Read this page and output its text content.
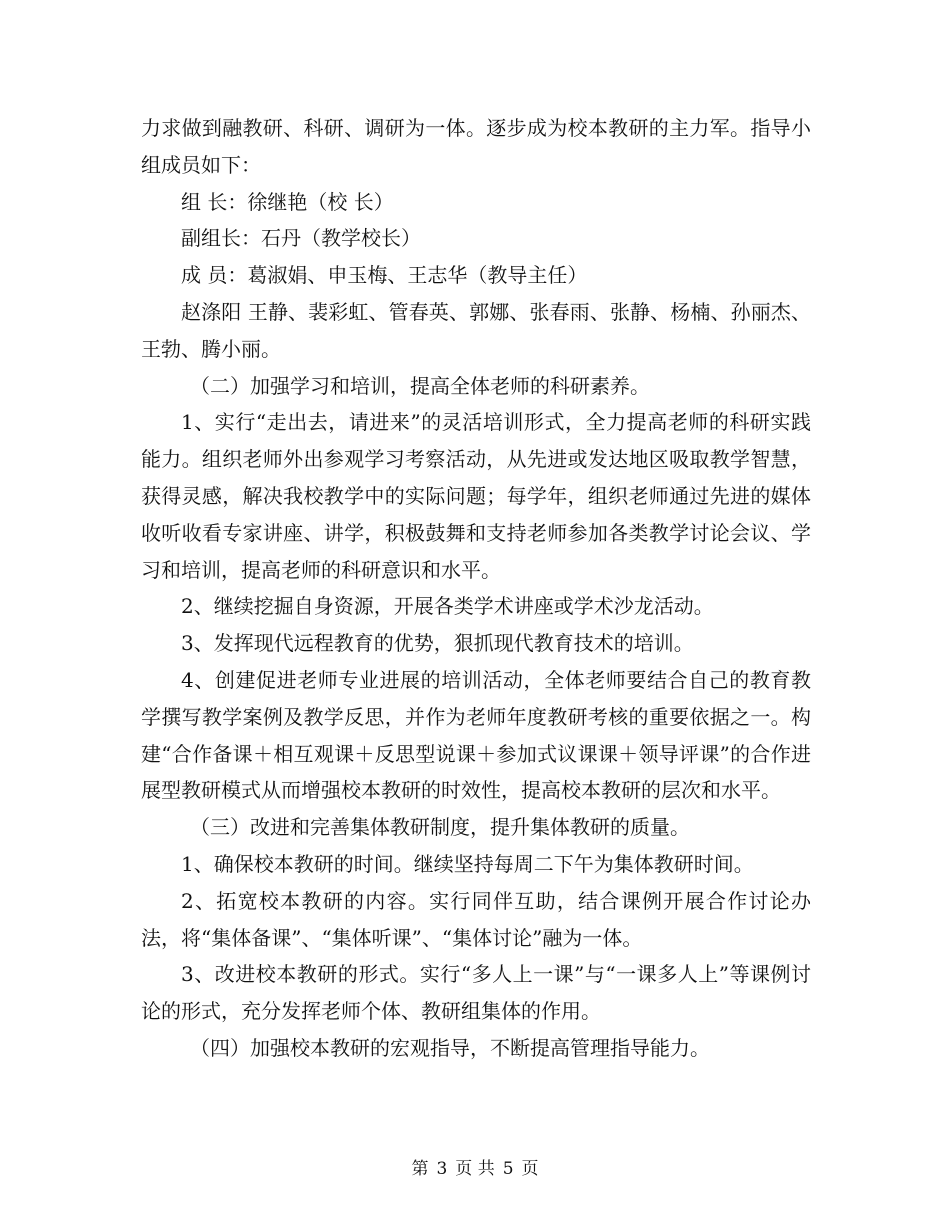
力求做到融教研、科研、调研为一体。逐步成为校本教研的主力军。指导小组成员如下：

组 长：徐继艳（校 长）

副组长：石丹（教学校长）

成 员：葛淑娟、申玉梅、王志华（教导主任）

赵涤阳 王静、裴彩虹、管春英、郭娜、张春雨、张静、杨楠、孙丽杰、王勃、腾小丽。

（二）加强学习和培训，提高全体老师的科研素养。

1、实行“走出去，请进来”的灵活培训形式，全力提高老师的科研实践能力。组织老师外出参观学习考察活动，从先进或发达地区吸取教学智慧，获得灵感，解决我校教学中的实际问题；每学年，组织老师通过先进的媒体收听收看专家讲座、讲学，积极鼓舞和支持老师参加各类教学讨论会议、学习和培训，提高老师的科研意识和水平。

2、继续挖掘自身资源，开展各类学术讲座或学术沙龙活动。

3、发挥现代远程教育的优势，狠抓现代教育技术的培训。

4、创建促进老师专业进展的培训活动，全体老师要结合自己的教育教学撰写教学案例及教学反思，并作为老师年度教研考核的重要依据之一。构建“合作备课＋相互观课＋反思型说课＋参加式议课课＋领导评课”的合作进展型教研模式从而增强校本教研的时效性，提高校本教研的层次和水平。

（三）改进和完善集体教研制度，提升集体教研的质量。

1、确保校本教研的时间。继续坚持每周二下午为集体教研时间。

2、拓宽校本教研的内容。实行同伴互助，结合课例开展合作讨论办法，将“集体备课”、“集体听课”、“集体讨论”融为一体。

3、改进校本教研的形式。实行“多人上一课”与“一课多人上”等课例讨论的形式，充分发挥老师个体、教研组集体的作用。

（四）加强校本教研的宏观指导，不断提高管理指导能力。

第 3 页 共 5 页
